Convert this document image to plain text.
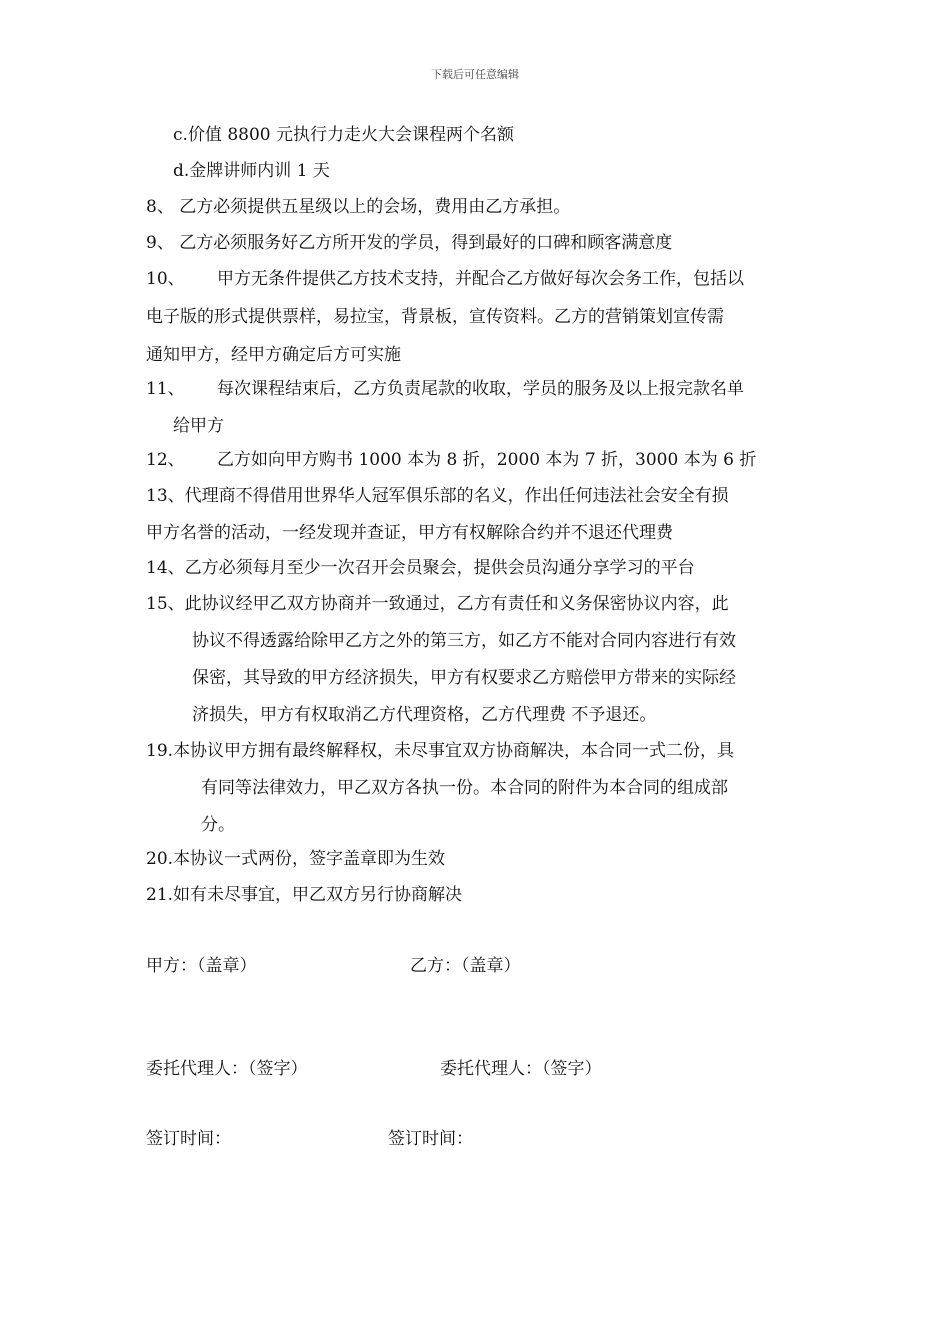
下载后可任意编辑
c.价值 8800 元执行力走火大会课程两个名额
d.金牌讲师内训 1 天
8、 乙方必须提供五星级以上的会场，费用由乙方承担。
9、 乙方必须服务好乙方所开发的学员，得到最好的口碑和顾客满意度
10、      甲方无条件提供乙方技术支持，并配合乙方做好每次会务工作，包括以
电子版的形式提供票样，易拉宝，背景板，宣传资料。乙方的营销策划宣传需
通知甲方，经甲方确定后方可实施
11、      每次课程结束后，乙方负责尾款的收取，学员的服务及以上报完款名单
给甲方
12、      乙方如向甲方购书 1000 本为 8 折，2000 本为 7 折，3000 本为 6 折
13、代理商不得借用世界华人冠军俱乐部的名义，作出任何违法社会安全有损
甲方名誉的活动，一经发现并查证，甲方有权解除合约并不退还代理费
14、乙方必须每月至少一次召开会员聚会，提供会员沟通分享学习的平台
15、此协议经甲乙双方协商并一致通过，乙方有责任和义务保密协议内容，此
协议不得透露给除甲乙方之外的第三方，如乙方不能对合同内容进行有效
保密，其导致的甲方经济损失，甲方有权要求乙方赔偿甲方带来的实际经
济损失，甲方有权取消乙方代理资格，乙方代理费 不予退还。
19.本协议甲方拥有最终解释权，未尽事宜双方协商解决，本合同一式二份，具
有同等法律效力，甲乙双方各执一份。本合同的附件为本合同的组成部
分。
20.本协议一式两份，签字盖章即为生效
21.如有未尽事宜，甲乙双方另行协商解决
甲方：（盖章）	乙方：（盖章）
委托代理人：（签字）	委托代理人：（签字）
签订时间：	签订时间：
